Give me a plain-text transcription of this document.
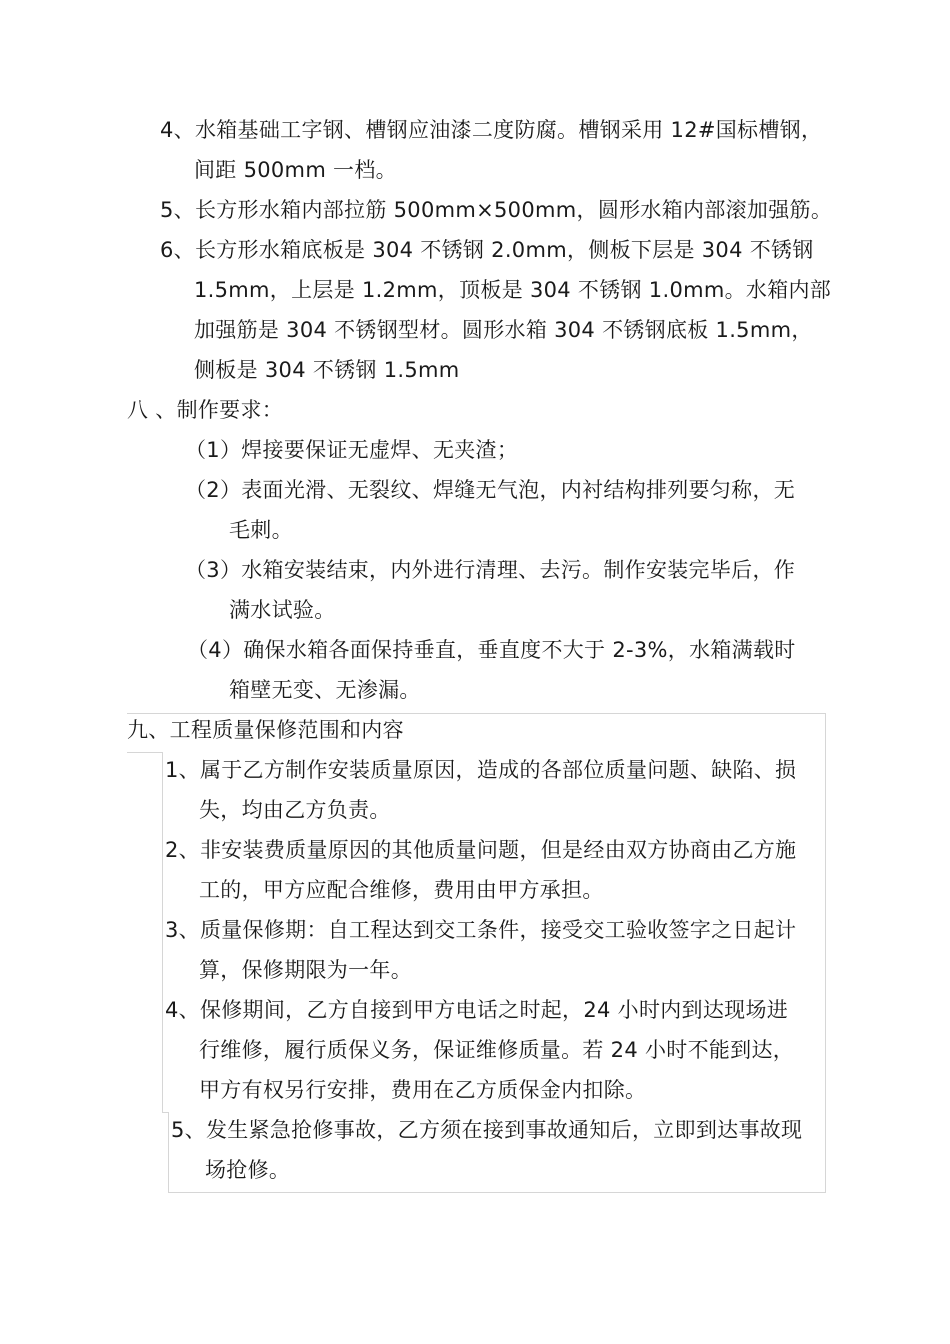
4、水箱基础工字钢、槽钢应油漆二度防腐。槽钢采用 12#国标槽钢，
间距 500mm 一档。
5、长方形水箱内部拉筋 500mm×500mm，圆形水箱内部滚加强筋。
6、长方形水箱底板是 304 不锈钢 2.0mm，侧板下层是 304 不锈钢
1.5mm，上层是 1.2mm，顶板是 304 不锈钢 1.0mm。水箱内部
加强筋是 304 不锈钢型材。圆形水箱 304 不锈钢底板 1.5mm，
侧板是 304 不锈钢 1.5mm
八 、制作要求：
（1）焊接要保证无虚焊、无夹渣；
（2）表面光滑、无裂纹、焊缝无气泡，内衬结构排列要匀称，无
毛刺。
（3）水箱安装结束，内外进行清理、去污。制作安装完毕后，作
满水试验。
（4）确保水箱各面保持垂直，垂直度不大于 2-3%，水箱满载时
箱壁无变、无渗漏。
九、工程质量保修范围和内容
1、属于乙方制作安装质量原因，造成的各部位质量问题、缺陷、损
失，均由乙方负责。
2、非安装费质量原因的其他质量问题，但是经由双方协商由乙方施
工的，甲方应配合维修，费用由甲方承担。
3、质量保修期：自工程达到交工条件，接受交工验收签字之日起计
算，保修期限为一年。
4、保修期间，乙方自接到甲方电话之时起，24 小时内到达现场进
行维修，履行质保义务，保证维修质量。若 24 小时不能到达，
甲方有权另行安排，费用在乙方质保金内扣除。
5、发生紧急抢修事故，乙方须在接到事故通知后，立即到达事故现
场抢修。
